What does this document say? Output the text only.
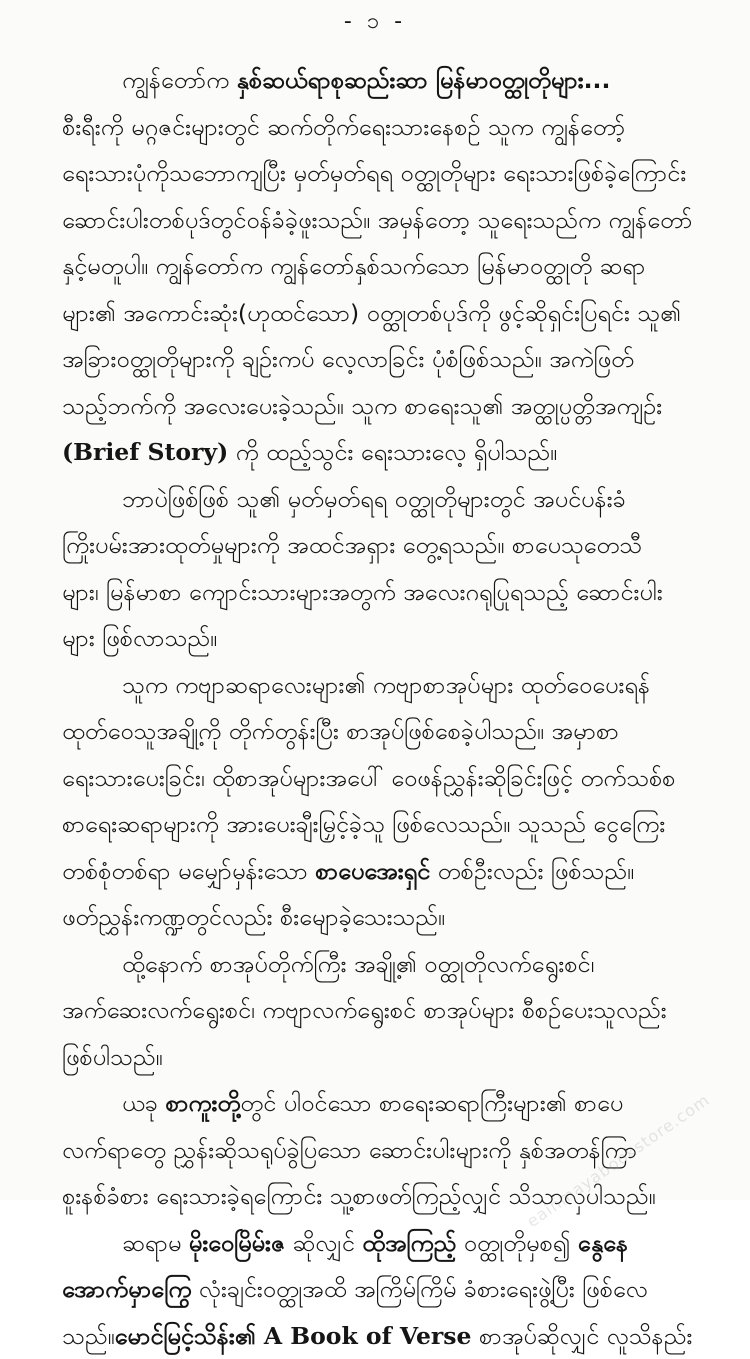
- ၁ -
ကျွန်တော်က နှစ်ဆယ်ရာစုဆည်းဆာ မြန်မာဝတ္ထုတိုများ...
စီးရီးကို မဂ္ဂဇင်းများတွင် ဆက်တိုက်ရေးသားနေစဉ် သူက ကျွန်တော့်
ရေးသားပုံကိုသဘောကျပြီး မှတ်မှတ်ရရ ဝတ္ထုတိုများ ရေးသားဖြစ်ခဲ့ကြောင်း
ဆောင်းပါးတစ်ပုဒ်တွင်ဝန်ခံခဲ့ဖူးသည်။ အမှန်တော့ သူရေးသည်က ကျွန်တော်
နှင့်မတူပါ။ ကျွန်တော်က ကျွန်တော်နှစ်သက်သော မြန်မာဝတ္ထုတို ဆရာ
များ၏ အကောင်းဆုံး(ဟုထင်သော) ဝတ္ထုတစ်ပုဒ်ကို ဖွင့်ဆိုရှင်းပြရင်း သူ၏
အခြားဝတ္ထုတိုများကို ချဉ်းကပ် လေ့လာခြင်း ပုံစံဖြစ်သည်။ အကဲဖြတ်
သည့်ဘက်ကို အလေးပေးခဲ့သည်။ သူက စာရေးသူ၏ အတ္ထုပ္ပတ္တိအကျဉ်း
(Brief Story) ကို ထည့်သွင်း ရေးသားလေ့ ရှိပါသည်။
ဘာပဲဖြစ်ဖြစ် သူ၏ မှတ်မှတ်ရရ ဝတ္ထုတိုများတွင် အပင်ပန်းခံ
ကြိုးပမ်းအားထုတ်မှုများကို အထင်အရှား တွေ့ရသည်။ စာပေသုတေသီ
များ၊ မြန်မာစာ ကျောင်းသားများအတွက် အလေးဂရုပြုရသည့် ဆောင်းပါး
များ ဖြစ်လာသည်။
သူက ကဗျာဆရာလေးများ၏ ကဗျာစာအုပ်များ ထုတ်ဝေပေးရန်
ထုတ်ဝေသူအချို့ကို တိုက်တွန်းပြီး စာအုပ်ဖြစ်စေခဲ့ပါသည်။ အမှာစာ
ရေးသားပေးခြင်း၊ ထိုစာအုပ်များအပေါ် ဝေဖန်ညွှန်းဆိုခြင်းဖြင့် တက်သစ်စ
စာရေးဆရာများကို အားပေးချီးမြှင့်ခဲ့သူ ဖြစ်လေသည်။ သူသည် ငွေကြေး
တစ်စုံတစ်ရာ မမျှော်မှန်းသော စာပေအေးရှင် တစ်ဦးလည်း ဖြစ်သည်။
ဖတ်ညွှန်းကဏ္ဍတွင်လည်း စီးမျောခဲ့သေးသည်။
ထို့နောက် စာအုပ်တိုက်ကြီး အချို့၏ ဝတ္ထုတိုလက်ရွေးစင်၊
အက်ဆေးလက်ရွေးစင်၊ ကဗျာလက်ရွေးစင် စာအုပ်များ စီစဉ်ပေးသူလည်း
ဖြစ်ပါသည်။
ယခု စာကူးတို့တွင် ပါဝင်သော စာရေးဆရာကြီးများ၏ စာပေ
လက်ရာတွေ ညွှန်းဆိုသရုပ်ခွဲပြသော ဆောင်းပါးများကို နှစ်အတန်ကြာ
စူးနစ်ခံစား ရေးသားခဲ့ရကြောင်း သူ့စာဖတ်ကြည့်လျှင် သိသာလှပါသည်။
ဆရာမ မိုးဝေမြိမ်းဇ ဆိုလျှင် ထိုအကြည့် ဝတ္ထုတိုမှစ၍ နွေနေ
အောက်မှာကြွေ လုံးချင်းဝတ္ထုအထိ အကြိမ်ကြိမ် ခံစားရေးဖွဲ့ပြီး ဖြစ်လေ
သည်။မောင်မြင့်သိန်း၏ A Book of Verse စာအုပ်ဆိုလျှင် လူသိနည်း
eainmayabookstore.com
